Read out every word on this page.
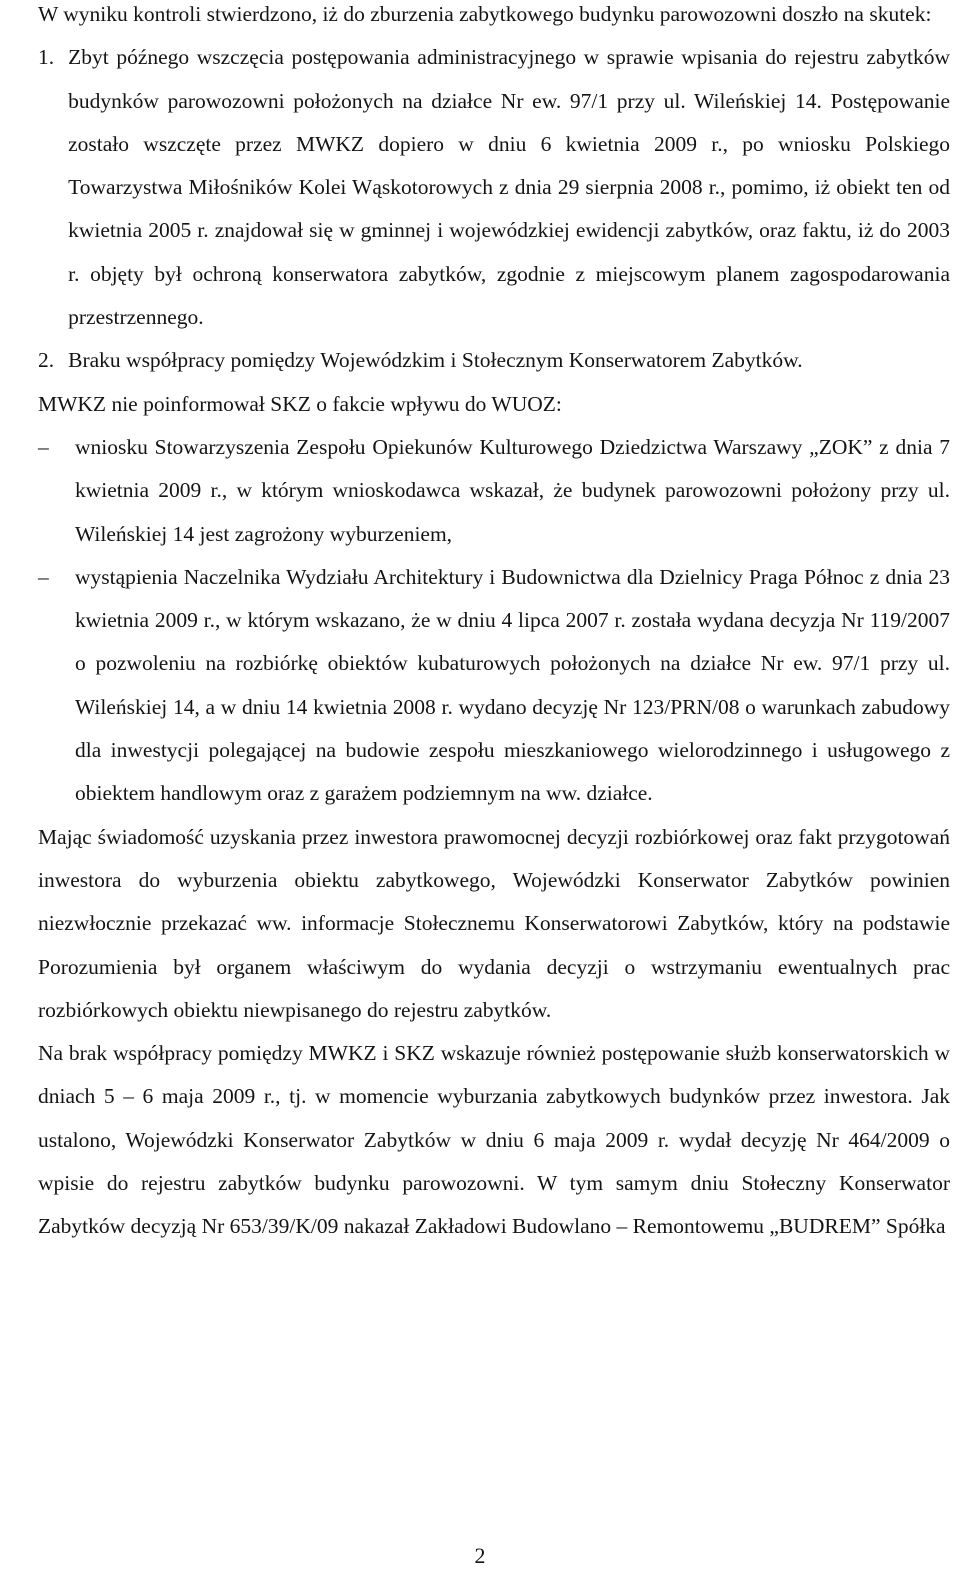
W wyniku kontroli stwierdzono, iż do zburzenia zabytkowego budynku parowozowni doszło na skutek:

1. Zbyt późnego wszczęcia postępowania administracyjnego w sprawie wpisania do rejestru zabytków budynków parowozowni położonych na działce Nr ew. 97/1 przy ul. Wileńskiej 14. Postępowanie zostało wszczęte przez MWKZ dopiero w dniu 6 kwietnia 2009 r., po wniosku Polskiego Towarzystwa Miłośników Kolei Wąskotorowych z dnia 29 sierpnia 2008 r., pomimo, iż obiekt ten od kwietnia 2005 r. znajdował się w gminnej i wojewódzkiej ewidencji zabytków, oraz faktu, iż do 2003 r. objęty był ochroną konserwatora zabytków, zgodnie z miejscowym planem zagospodarowania przestrzennego.
2. Braku współpracy pomiędzy Wojewódzkim i Stołecznym Konserwatorem Zabytków.

MWKZ nie poinformował SKZ o fakcie wpływu do WUOZ:

– wniosku Stowarzyszenia Zespołu Opiekunów Kulturowego Dziedzictwa Warszawy „ZOK” z dnia 7 kwietnia 2009 r., w którym wnioskodawca wskazał, że budynek parowozowni położony przy ul. Wileńskiej 14 jest zagrożony wyburzeniem,
– wystąpienia Naczelnika Wydziału Architektury i Budownictwa dla Dzielnicy Praga Północ z dnia 23 kwietnia 2009 r., w którym wskazano, że w dniu 4 lipca 2007 r. została wydana decyzja Nr 119/2007 o pozwoleniu na rozbiórkę obiektów kubaturowych położonych na działce Nr ew. 97/1 przy ul. Wileńskiej 14, a w dniu 14 kwietnia 2008 r. wydano decyzję Nr 123/PRN/08 o warunkach zabudowy dla inwestycji polegającej na budowie zespołu mieszkaniowego wielorodzinnego i usługowego z obiektem handlowym oraz z garażem podziemnym na ww. działce.

Mając świadomość uzyskania przez inwestora prawomocnej decyzji rozbiórkowej oraz fakt przygotowań inwestora do wyburzenia obiektu zabytkowego, Wojewódzki Konserwator Zabytków powinien niezwłocznie przekazać ww. informacje Stołecznemu Konserwatorowi Zabytków, który na podstawie Porozumienia był organem właściwym do wydania decyzji o wstrzymaniu ewentualnych prac rozbiórkowych obiektu niewpisanego do rejestru zabytków.

Na brak współpracy pomiędzy MWKZ i SKZ wskazuje również postępowanie służb konserwatorskich w dniach 5 – 6 maja 2009 r., tj. w momencie wyburzania zabytkowych budynków przez inwestora. Jak ustalono, Wojewódzki Konserwator Zabytków w dniu 6 maja 2009 r. wydał decyzję Nr 464/2009 o wpisie do rejestru zabytków budynku parowozowni. W tym samym dniu Stołeczny Konserwator Zabytków decyzją Nr 653/39/K/09 nakazał Zakładowi Budowlano – Remontowemu „BUDREM” Spółka

2
